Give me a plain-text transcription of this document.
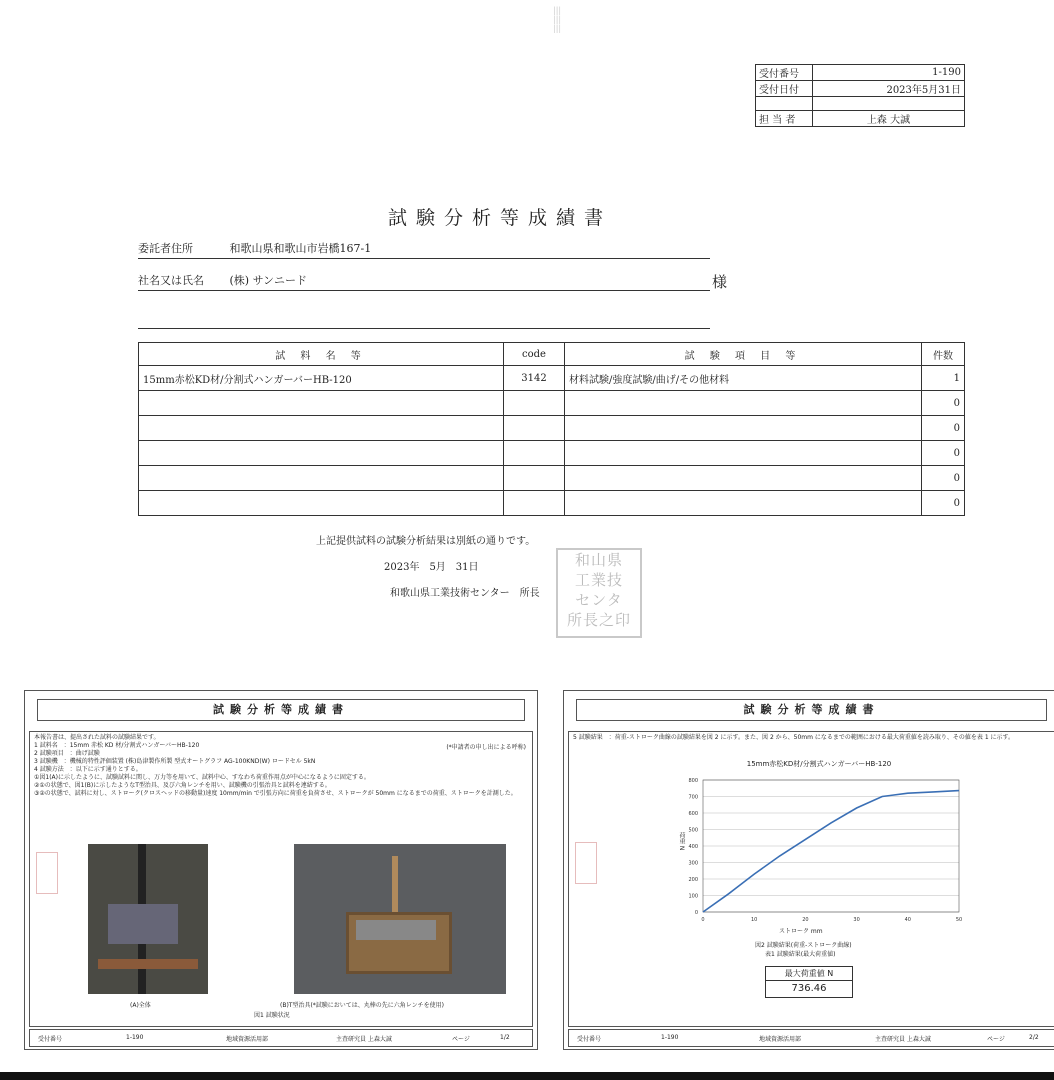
|||
|||
|||
受付番号	1-190
受付日付	2023年5月31日

担 当 者	上森 大誠
試験分析等成績書
委託者住所	和歌山県和歌山市岩橋167-1
社名又は氏名 (株) サンニード	様
試 料 名 等	code	試 験 項 目 等	件数
15mm赤松KD材/分割式ハンガーバーHB-120	3142	材料試験/強度試験/曲げ/その他材料	1
			0
			0
			0
			0
			0
上記提供試料の試験分析結果は別紙の通りです。
2023年　5月　31日
和歌山県工業技術センター　所長
和山県
工業技
センタ
所長之印
試験分析等成績書
本報告書は、提出された試料の試験結果です。
1 試料名　：15mm 赤松 KD 材/分割式ハンガーバーHB-120
2 試験項目　：曲げ試験
3 試験機　：機械的特性評価装置 (株)島津製作所製 型式オートグラフ AG-100KND(W) ロードセル 5kN
4 試験方法　：以下に示す通りとする。
①図1(A)に示したように、試験試料に関し、万力等を用いて、試料中心、すなわち荷重作用点が中心になるように固定する。
②①の状態で、図1(B)に示したようなT型治具、及び六角レンチを用い、試験機の引張治具と試料を連結する。
③②の状態で、試料に対し、ストローク(クロスヘッドの移動量)速度 10mm/min で引張方向に荷重を負荷させ、ストロークが 50mm になるまでの荷重、ストロークを計測した。
(*申請者の申し出による呼称)
(A)全体	(B)T型治具(*試験においては、丸棒の先に六角レンチを使用)
図1 試験状況
受付番号	1-190	地域資源活用部	主査研究員 上森大誠	ページ	1/2
試験分析等成績書
5 試験結果　：荷重-ストローク曲線の試験結果を図 2 に示す。また、図 2 から、50mm になるまでの範囲における最大荷重値を読み取り、その値を表 1 に示す。
15mm赤松KD材/分割式ハンガーバーHB-120
0
100
200
300
400
500
600
700
800
0	10	20	30	40	50
ストローク mm
荷重 N
図2 試験結果(荷重-ストローク曲線)
表1 試験結果(最大荷重値)
最大荷重値 N
736.46
受付番号	1-190	地域資源活用部	主査研究員 上森大誠	ページ	2/2
